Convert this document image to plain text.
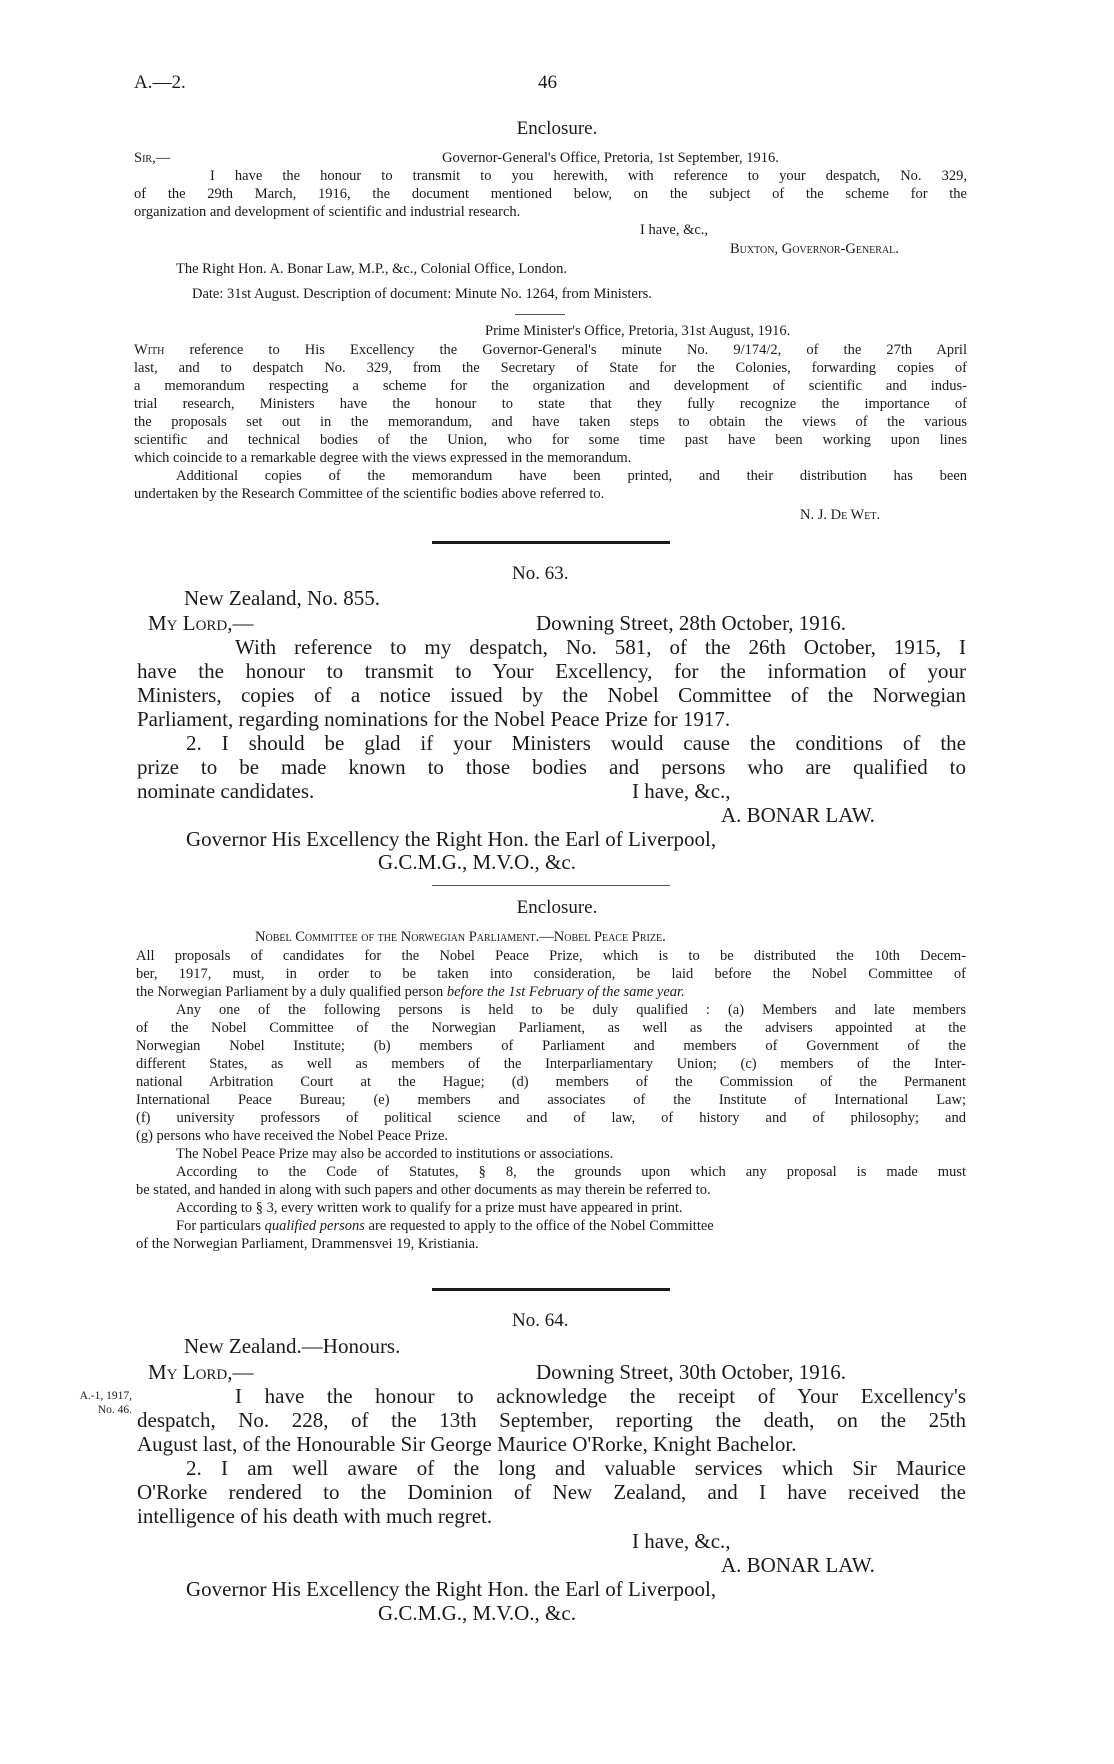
A.—2.	46
Enclosure.
Sir,—	Governor-General's Office, Pretoria, 1st September, 1916.
I have the honour to transmit to you herewith, with reference to your despatch, No. 329,
of the 29th March, 1916, the document mentioned below, on the subject of the scheme for the
organization and development of scientific and industrial research.
I have, &c.,
Buxton, Governor-General.
The Right Hon. A. Bonar Law, M.P., &c., Colonial Office, London.
Date: 31st August. Description of document: Minute No. 1264, from Ministers.
Prime Minister's Office, Pretoria, 31st August, 1916.
With reference to His Excellency the Governor-General's minute No. 9/174/2, of the 27th April
last, and to despatch No. 329, from the Secretary of State for the Colonies, forwarding copies of
a memorandum respecting a scheme for the organization and development of scientific and indus-
trial research, Ministers have the honour to state that they fully recognize the importance of
the proposals set out in the memorandum, and have taken steps to obtain the views of the various
scientific and technical bodies of the Union, who for some time past have been working upon lines
which coincide to a remarkable degree with the views expressed in the memorandum.
Additional copies of the memorandum have been printed, and their distribution has been
undertaken by the Research Committee of the scientific bodies above referred to.
N. J. De Wet.
No. 63.
New Zealand, No. 855.
My Lord,—	Downing Street, 28th October, 1916.
With reference to my despatch, No. 581, of the 26th October, 1915, I
have the honour to transmit to Your Excellency, for the information of your
Ministers, copies of a notice issued by the Nobel Committee of the Norwegian
Parliament, regarding nominations for the Nobel Peace Prize for 1917.
2. I should be glad if your Ministers would cause the conditions of the
prize to be made known to those bodies and persons who are qualified to
nominate candidates.	I have, &c.,
A. BONAR LAW.
Governor His Excellency the Right Hon. the Earl of Liverpool,
G.C.M.G., M.V.O., &c.
Enclosure.
Nobel Committee of the Norwegian Parliament.—Nobel Peace Prize.
All proposals of candidates for the Nobel Peace Prize, which is to be distributed the 10th Decem-
ber, 1917, must, in order to be taken into consideration, be laid before the Nobel Committee of
the Norwegian Parliament by a duly qualified person before the 1st February of the same year.
Any one of the following persons is held to be duly qualified : (a) Members and late members
of the Nobel Committee of the Norwegian Parliament, as well as the advisers appointed at the
Norwegian Nobel Institute; (b) members of Parliament and members of Government of the
different States, as well as members of the Interparliamentary Union; (c) members of the Inter-
national Arbitration Court at the Hague; (d) members of the Commission of the Permanent
International Peace Bureau; (e) members and associates of the Institute of International Law;
(f) university professors of political science and of law, of history and of philosophy; and
(g) persons who have received the Nobel Peace Prize.
The Nobel Peace Prize may also be accorded to institutions or associations.
According to the Code of Statutes, § 8, the grounds upon which any proposal is made must
be stated, and handed in along with such papers and other documents as may therein be referred to.
According to § 3, every written work to qualify for a prize must have appeared in print.
For particulars qualified persons are requested to apply to the office of the Nobel Committee
of the Norwegian Parliament, Drammensvei 19, Kristiania.
No. 64.
New Zealand.—Honours.
My Lord,—	Downing Street, 30th October, 1916.
A.-1, 1917,
No. 46.
I have the honour to acknowledge the receipt of Your Excellency's
despatch, No. 228, of the 13th September, reporting the death, on the 25th
August last, of the Honourable Sir George Maurice O'Rorke, Knight Bachelor.
2. I am well aware of the long and valuable services which Sir Maurice
O'Rorke rendered to the Dominion of New Zealand, and I have received the
intelligence of his death with much regret.
I have, &c.,
A. BONAR LAW.
Governor His Excellency the Right Hon. the Earl of Liverpool,
G.C.M.G., M.V.O., &c.
